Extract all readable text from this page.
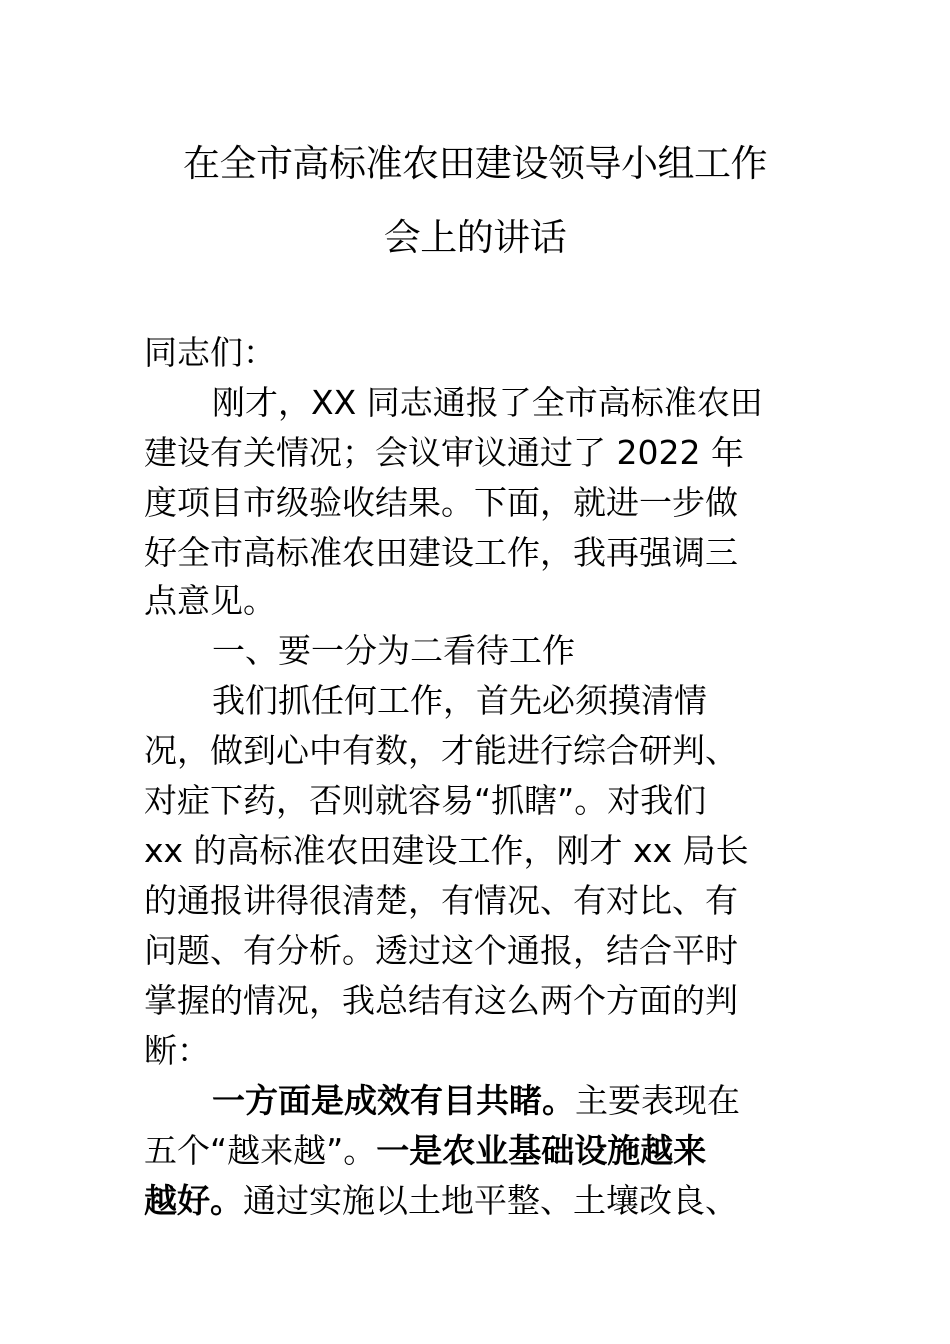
在全市高标准农田建设领导小组工作
会上的讲话

同志们：

刚才，XX 同志通报了全市高标准农田

建设有关情况；会议审议通过了 2022 年

度项目市级验收结果。下面，就进一步做

好全市高标准农田建设工作，我再强调三

点意见。

一、要一分为二看待工作

我们抓任何工作，首先必须摸清情

况，做到心中有数，才能进行综合研判、

对症下药，否则就容易“抓瞎”。对我们

xx 的高标准农田建设工作，刚才 xx 局长

的通报讲得很清楚，有情况、有对比、有

问题、有分析。透过这个通报，结合平时

掌握的情况，我总结有这么两个方面的判

断：

一方面是成效有目共睹。主要表现在

五个“越来越”。一是农业基础设施越来

越好。通过实施以土地平整、土壤改良、
